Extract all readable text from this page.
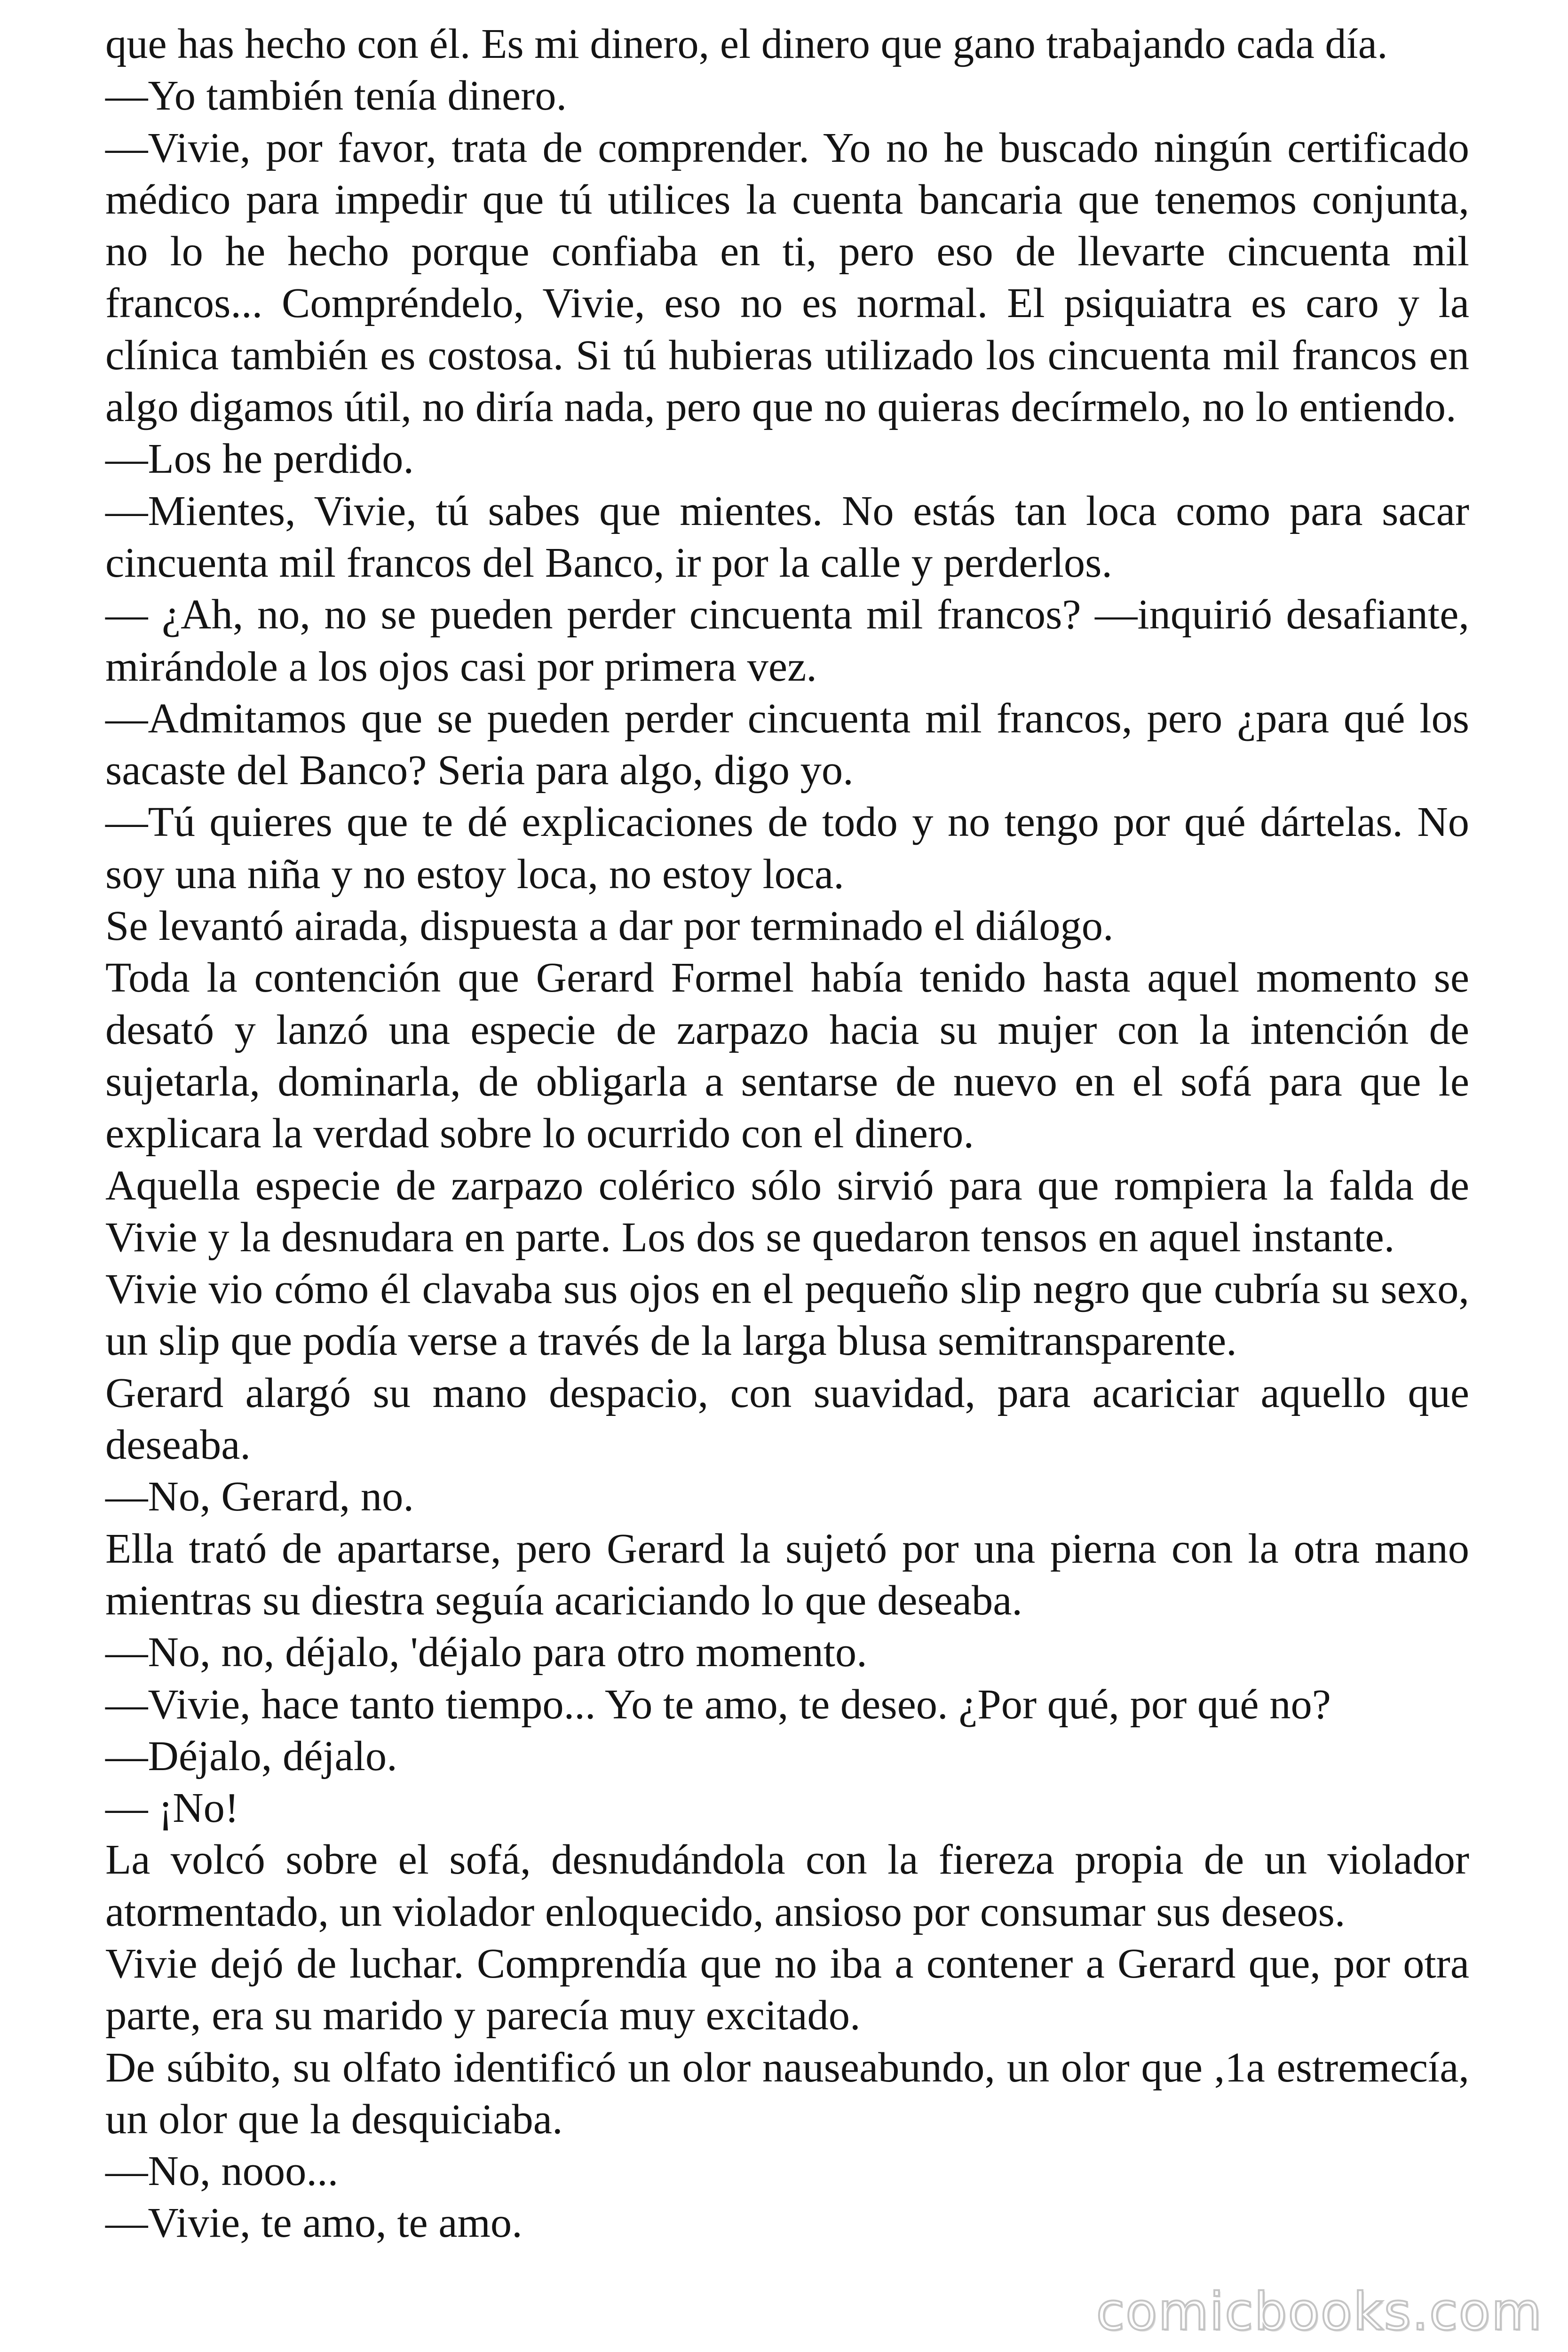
que has hecho con él. Es mi dinero, el dinero que gano trabajando cada día.

—Yo también tenía dinero.

—Vivie, por favor, trata de comprender. Yo no he buscado ningún certificado médico para impedir que tú utilices la cuenta bancaria que tenemos conjunta, no lo he hecho porque confiaba en ti, pero eso de llevarte cincuenta mil francos... Compréndelo, Vivie, eso no es normal. El psiquiatra es caro y la clínica también es costosa. Si tú hubieras utilizado los cincuenta mil francos en algo digamos útil, no diría nada, pero que no quieras decírmelo, no lo entiendo.

—Los he perdido.

—Mientes, Vivie, tú sabes que mientes. No estás tan loca como para sacar cincuenta mil francos del Banco, ir por la calle y perderlos.

— ¿Ah, no, no se pueden perder cincuenta mil francos? —inquirió desafiante, mirándole a los ojos casi por primera vez.

—Admitamos que se pueden perder cincuenta mil francos, pero ¿para qué los sacaste del Banco? Seria para algo, digo yo.

—Tú quieres que te dé explicaciones de todo y no tengo por qué dártelas. No soy una niña y no estoy loca, no estoy loca.

Se levantó airada, dispuesta a dar por terminado el diálogo.

Toda la contención que Gerard Formel había tenido hasta aquel momento se desató y lanzó una especie de zarpazo hacia su mujer con la intención de sujetarla, dominarla, de obligarla a sentarse de nuevo en el sofá para que le explicara la verdad sobre lo ocurrido con el dinero.

Aquella especie de zarpazo colérico sólo sirvió para que rompiera la falda de Vivie y la desnudara en parte. Los dos se quedaron tensos en aquel instante.

Vivie vio cómo él clavaba sus ojos en el pequeño slip negro que cubría su sexo, un slip que podía verse a través de la larga blusa semitransparente.

Gerard alargó su mano despacio, con suavidad, para acariciar aquello que deseaba.

—No, Gerard, no.

Ella trató de apartarse, pero Gerard la sujetó por una pierna con la otra mano mientras su diestra seguía acariciando lo que deseaba.

—No, no, déjalo, 'déjalo para otro momento.

—Vivie, hace tanto tiempo... Yo te amo, te deseo. ¿Por qué, por qué no?

—Déjalo, déjalo.

— ¡No!

La volcó sobre el sofá, desnudándola con la fiereza propia de un violador atormentado, un violador enloquecido, ansioso por consumar sus deseos.

Vivie dejó de luchar. Comprendía que no iba a contener a Gerard que, por otra parte, era su marido y parecía muy excitado.

De súbito, su olfato identificó un olor nauseabundo, un olor que ,1a estremecía, un olor que la desquiciaba.

—No, nooo...

—Vivie, te amo, te amo.

comicbooks.com
